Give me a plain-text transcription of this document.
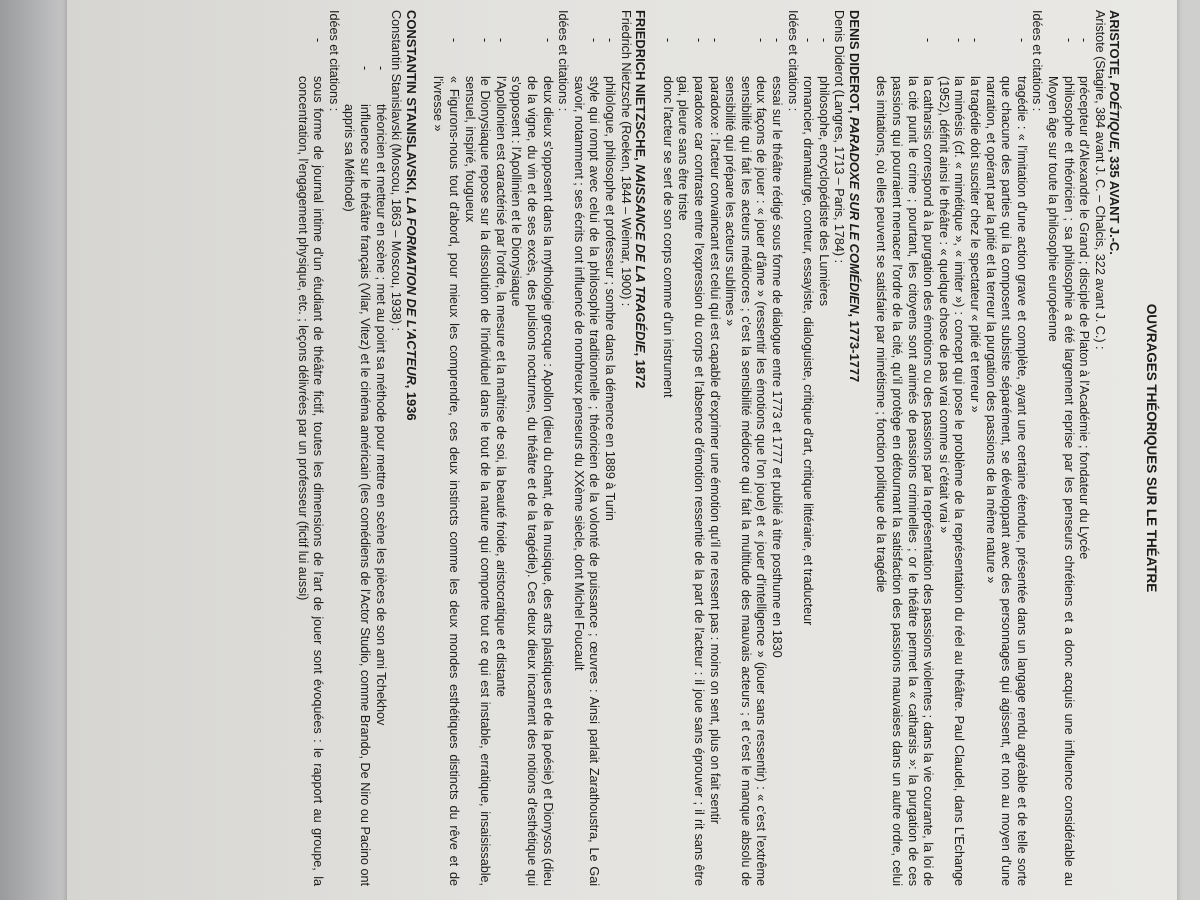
OUVRAGES THÉORIQUES SUR LE THÉATRE
ARISTOTE, POÉTIQUE, 335 AVANT J.-C.
Aristote (Stagire, 384 avant J. C. – Chalcis, 322 avant J. C.) :
- précepteur d'Alexandre le Grand ; disciple de Platon à l'Académie ; fondateur du Lycée
- philosophe et théoricien ; sa philosophie a été largement reprise par les penseurs chrétiens et a donc acquis une influence considérable au Moyen âge sur toute la philosophie européenne
Idées et citations :
- tragédie : « l'imitation d'une action grave et complète, ayant une certaine étendue, présentée dans un langage rendu agréable et de telle sorte que chacune des parties qui la composent subsiste séparément, se développant avec des personnages qui agissent, et non au moyen d'une narration, et opérant par la pitié et la terreur la purgation des passions de la même nature »
- la tragédie doit susciter chez le spectateur « pitié et terreur »
- la mimésis (cf. « mimétique », « imiter ») : concept qui pose le problème de la représentation du réel au théâtre. Paul Claudel, dans L'Echange (1952), définit ainsi le théâtre : « quelque chose de pas vrai comme si c'était vrai »
- la catharsis correspond à la purgation des émotions ou des passions par la représentation des passions violentes ; dans la vie courante, la loi de la cité punit le crime ; pourtant, les citoyens sont animés de passions criminelles ; or le théâtre permet la « catharsis »: la purgation de ces passions qui pourraient menacer l'ordre de la cité, qu'il protège en détournant la satisfaction des passions mauvaises dans un autre ordre, celui des imitations, où elles peuvent se satisfaire par mimétisme ; fonction politique de la tragédie
DENIS DIDEROT, PARADOXE SUR LE COMÉDIEN, 1773-1777
Denis Diderot (Langres, 1713 – Paris, 1784) :
- philosophe, encyclopédiste des Lumières
- romancier, dramaturge, conteur, essayiste, dialoguiste, critique d'art, critique littéraire, et traducteur
Idées et citations :
- essai sur le théâtre rédigé sous forme de dialogue entre 1773 et 1777 et publié à titre posthume en 1830
- deux façons de jouer : « jouer d'âme » (ressentir les émotions que l'on joue) et « jouer d'intelligence » (jouer sans ressentir) : « c'est l'extrême sensibilité qui fait les acteurs médiocres ; c'est la sensibilité médiocre qui fait la multitude des mauvais acteurs ; et c'est le manque absolu de sensibilité qui prépare les acteurs sublimes »
- paradoxe : l'acteur convaincant est celui qui est capable d'exprimer une émotion qu'il ne ressent pas : moins on sent, plus on fait sentir
- paradoxe car contraste entre l'expression du corps et l'absence d'émotion ressentie de la part de l'acteur : il joue sans éprouver ; il rit sans être gai, pleure sans être triste
- donc l'acteur se sert de son corps comme d'un instrument
FRIEDRICH NIETZSCHE, NAISSANCE DE LA TRAGÉDIE, 1872
Friedrich Nietzsche (Roeken, 1844 – Weimar, 1900) :
- philologue, philosophe et professeur ; sombre dans la démence en 1889 à Turin
- style qui rompt avec celui de la philosophie traditionnelle ; théoricien de la volonté de puissance ; œuvres : Ainsi parlait Zarathoustra, Le Gai savoir, notamment ; ses écrits ont influencé de nombreux penseurs du XXème siècle, dont Michel Foucault
Idées et citations :
- deux dieux s'opposent dans la mythologie grecque : Apollon (dieu du chant, de la musique, des arts plastiques et de la poésie) et Dionysos (dieu de la vigne, du vin et de ses excès, des pulsions nocturnes, du théâtre et de la tragédie). Ces deux dieux incarnent des notions d'esthétique qui s'opposent : l'Apollinien et le Dionysiaque
- l'Apollonien est caractérisé par l'ordre, la mesure et la maîtrise de soi, la beauté froide, aristocratique et distante
- le Dionysiaque repose sur la dissolution de l'individuel dans le tout de la nature qui comporte tout ce qui est instable, erratique, insaisissable, sensuel, inspiré, fougueux
- « Figurons-nous tout d'abord, pour mieux les comprendre, ces deux instincts comme les deux mondes esthétiques distincts du rêve et de l'ivresse »
CONSTANTIN STANISLAVSKI, LA FORMATION DE L'ACTEUR, 1936
Constantin Stanislavski (Moscou, 1863 – Moscou, 1938) :
- théoricien et metteur en scène ; met au point sa méthode pour mettre en scène les pièces de son ami Tchekhov
- influence sur le théâtre français (Vilar, Vitez) et le cinéma américain (les comédiens de l'Actor Studio, comme Brando, De Niro ou Pacino ont appris sa Méthode)
Idées et citations :
- sous forme de journal intime d'un étudiant de théâtre fictif, toutes les dimensions de l'art de jouer sont évoquées : le rapport au groupe, la concentration, l'engagement physique, etc. ; leçons délivrées par un professeur (fictif lui aussi)
